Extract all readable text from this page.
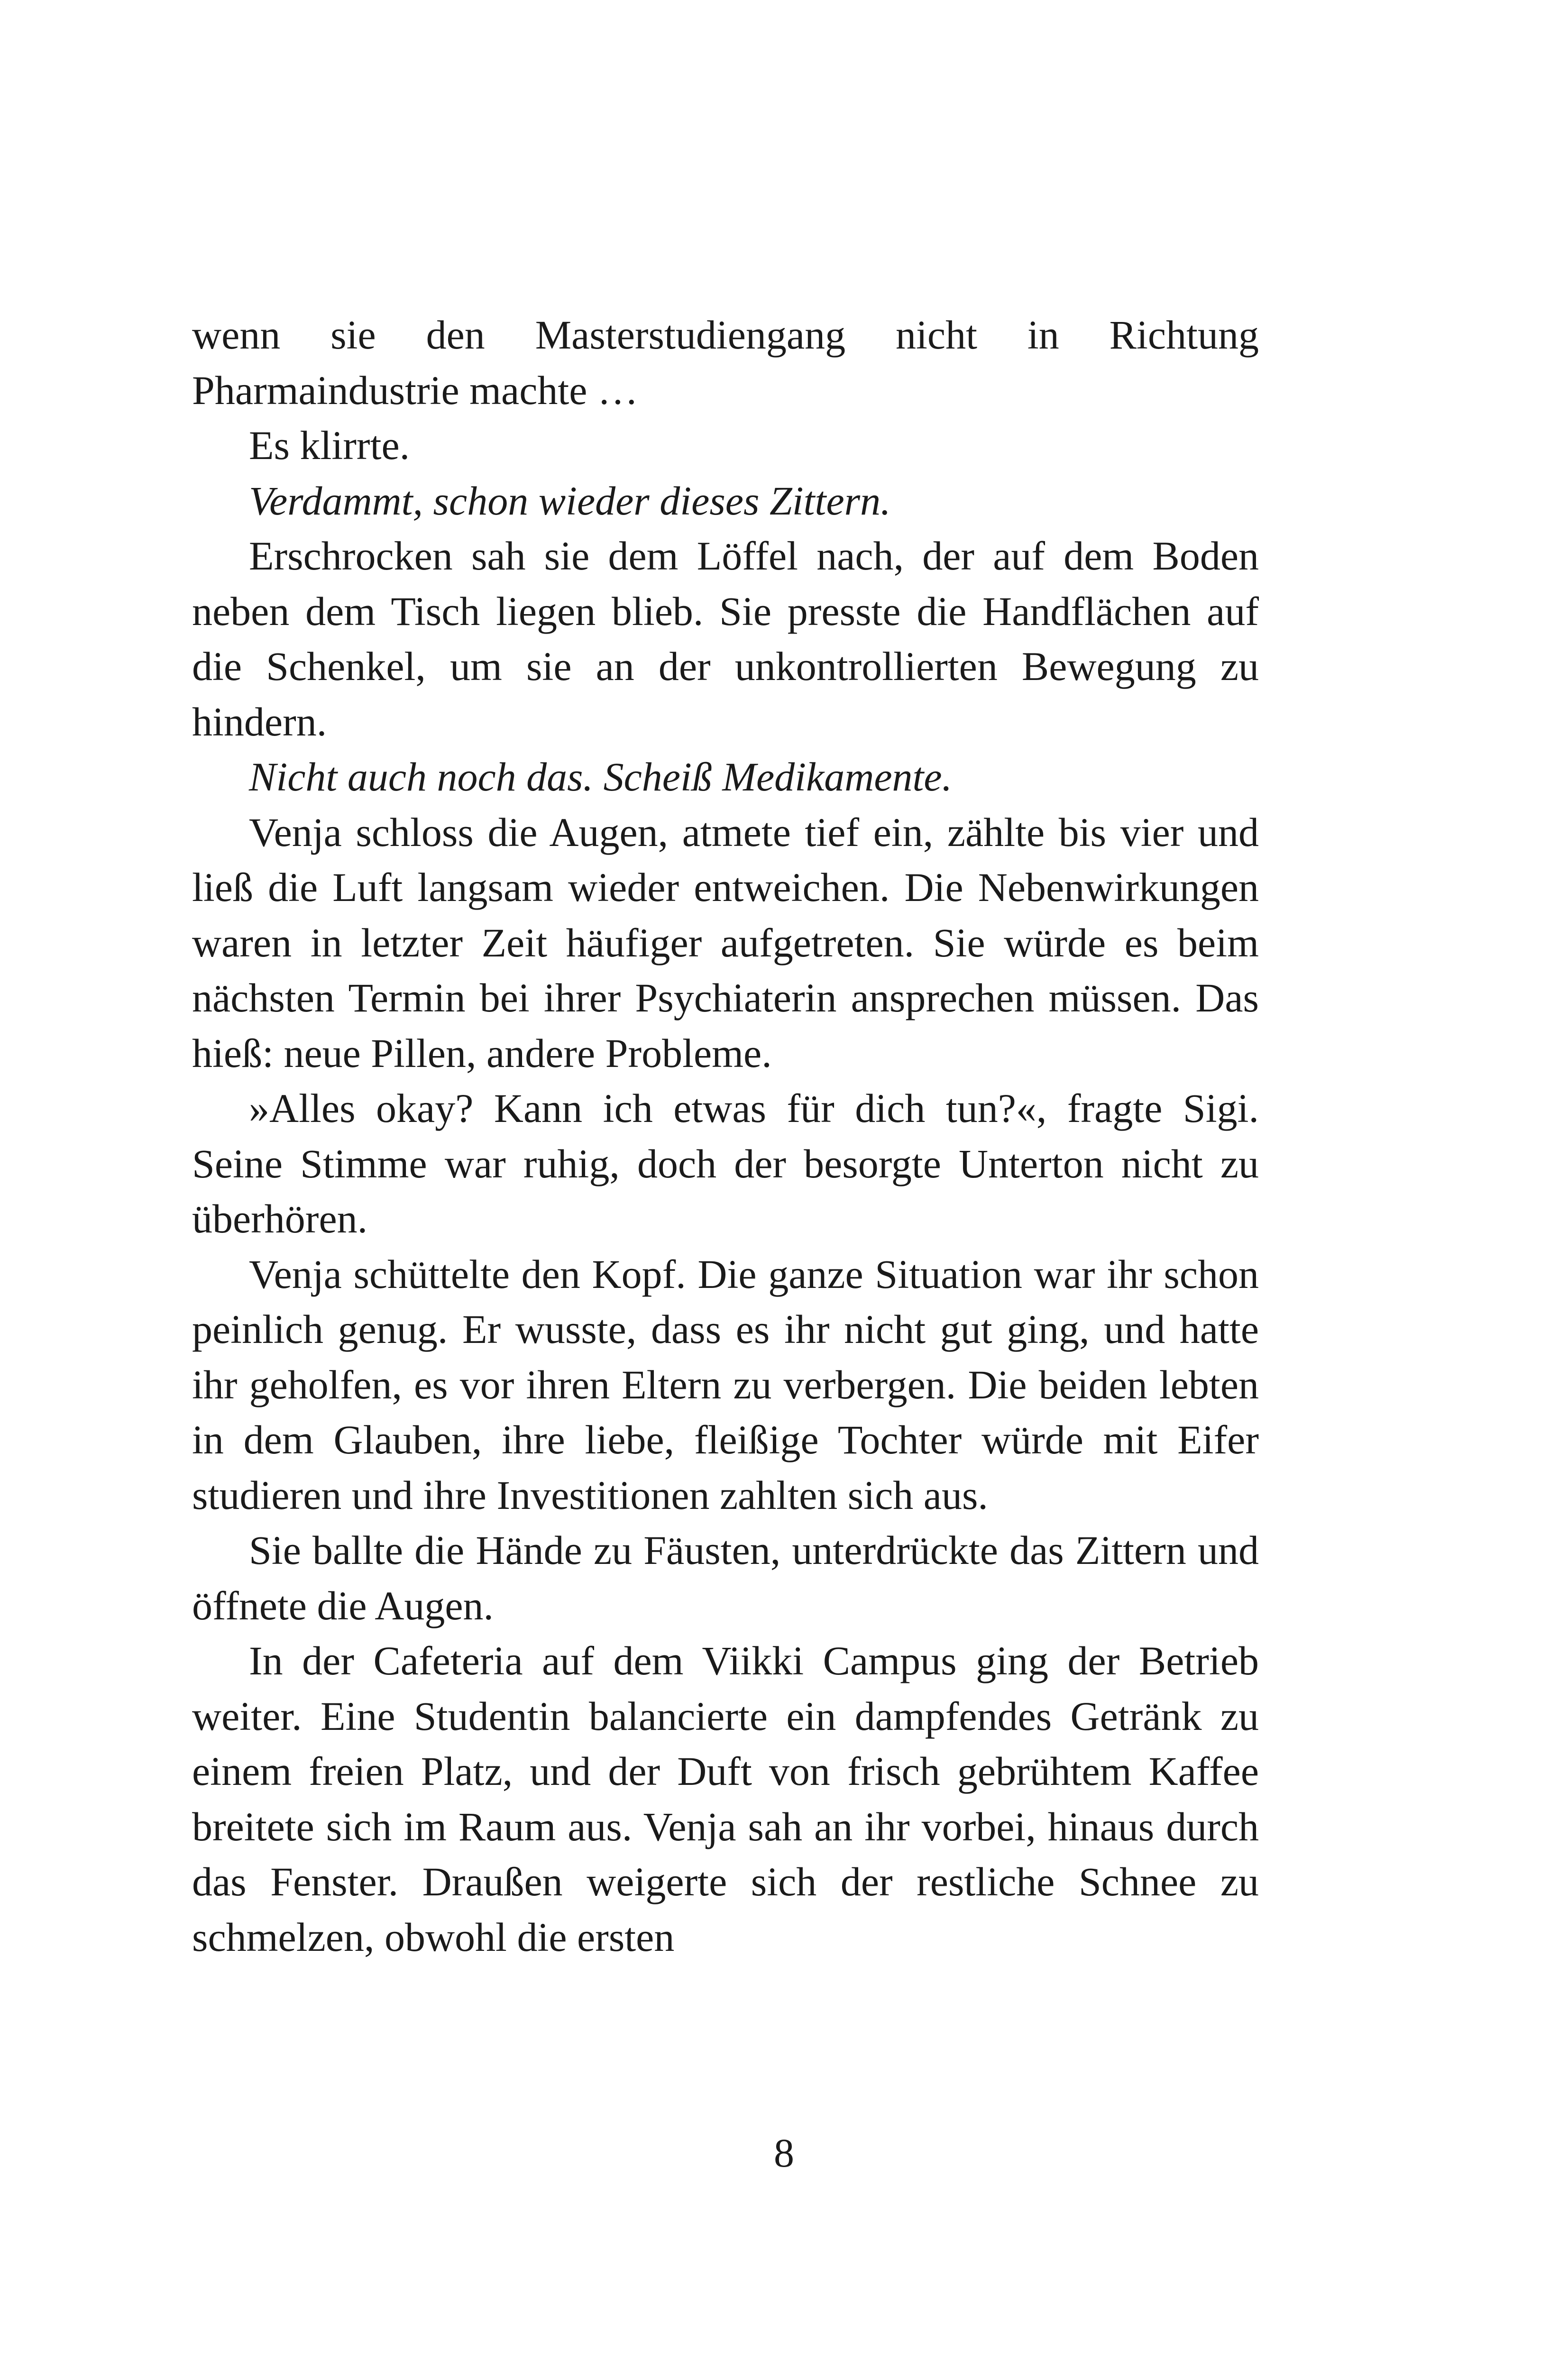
wenn sie den Masterstudiengang nicht in Richtung Pharmaindustrie machte …

Es klirrte.

Verdammt, schon wieder dieses Zittern.

Erschrocken sah sie dem Löffel nach, der auf dem Boden neben dem Tisch liegen blieb. Sie presste die Handflächen auf die Schenkel, um sie an der unkontrollierten Bewegung zu hindern.

Nicht auch noch das. Scheiß Medikamente.

Venja schloss die Augen, atmete tief ein, zählte bis vier und ließ die Luft langsam wieder entweichen. Die Nebenwirkungen waren in letzter Zeit häufiger aufgetreten. Sie würde es beim nächsten Termin bei ihrer Psychiaterin ansprechen müssen. Das hieß: neue Pillen, andere Probleme.

»Alles okay? Kann ich etwas für dich tun?«, fragte Sigi. Seine Stimme war ruhig, doch der besorgte Unterton nicht zu überhören.

Venja schüttelte den Kopf. Die ganze Situation war ihr schon peinlich genug. Er wusste, dass es ihr nicht gut ging, und hatte ihr geholfen, es vor ihren Eltern zu verbergen. Die beiden lebten in dem Glauben, ihre liebe, fleißige Tochter würde mit Eifer studieren und ihre Investitionen zahlten sich aus.

Sie ballte die Hände zu Fäusten, unterdrückte das Zittern und öffnete die Augen.

In der Cafeteria auf dem Viikki Campus ging der Betrieb weiter. Eine Studentin balancierte ein dampfendes Getränk zu einem freien Platz, und der Duft von frisch gebrühtem Kaffee breitete sich im Raum aus. Venja sah an ihr vorbei, hinaus durch das Fenster. Draußen weigerte sich der restliche Schnee zu schmelzen, obwohl die ersten

8
